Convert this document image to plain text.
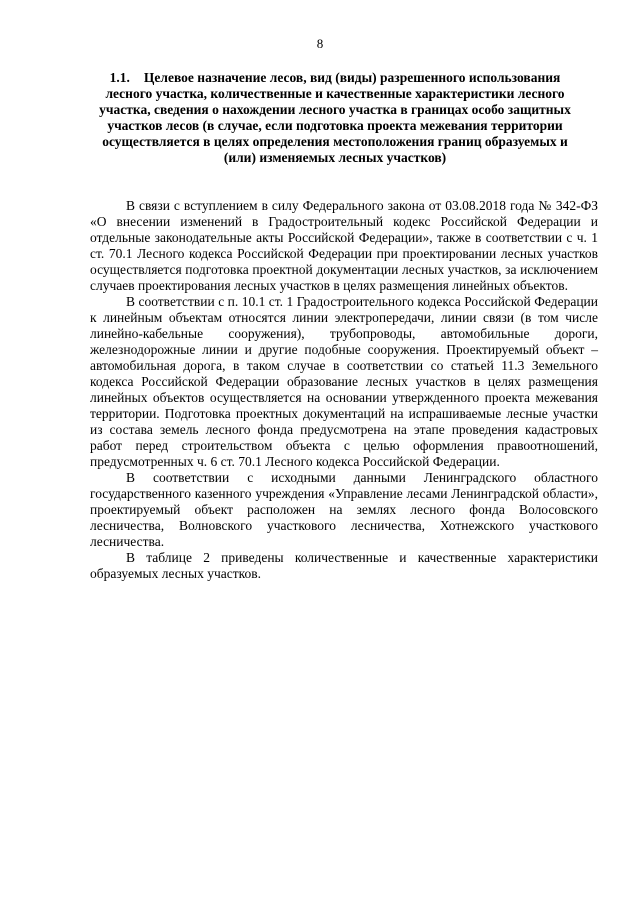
8
1.1. Целевое назначение лесов, вид (виды) разрешенного использования лесного участка, количественные и качественные характеристики лесного участка, сведения о нахождении лесного участка в границах особо защитных участков лесов (в случае, если подготовка проекта межевания территории осуществляется в целях определения местоположения границ образуемых и (или) изменяемых лесных участков)

В связи с вступлением в силу Федерального закона от 03.08.2018 года № 342-ФЗ «О внесении изменений в Градостроительный кодекс Российской Федерации и отдельные законодательные акты Российской Федерации», также в соответствии с ч. 1 ст. 70.1 Лесного кодекса Российской Федерации при проектировании лесных участков осуществляется подготовка проектной документации лесных участков, за исключением случаев проектирования лесных участков в целях размещения линейных объектов.

В соответствии с п. 10.1 ст. 1 Градостроительного кодекса Российской Федерации к линейным объектам относятся линии электропередачи, линии связи (в том числе линейно-кабельные сооружения), трубопроводы, автомобильные дороги, железнодорожные линии и другие подобные сооружения. Проектируемый объект – автомобильная дорога, в таком случае в соответствии со статьей 11.3 Земельного кодекса Российской Федерации образование лесных участков в целях размещения линейных объектов осуществляется на основании утвержденного проекта межевания территории. Подготовка проектных документаций на испрашиваемые лесные участки из состава земель лесного фонда предусмотрена на этапе проведения кадастровых работ перед строительством объекта с целью оформления правоотношений, предусмотренных ч. 6 ст. 70.1 Лесного кодекса Российской Федерации.

В соответствии с исходными данными Ленинградского областного государственного казенного учреждения «Управление лесами Ленинградской области», проектируемый объект расположен на землях лесного фонда Волосовского лесничества, Волновского участкового лесничества, Хотнежского участкового лесничества.

В таблице 2 приведены количественные и качественные характеристики образуемых лесных участков.
